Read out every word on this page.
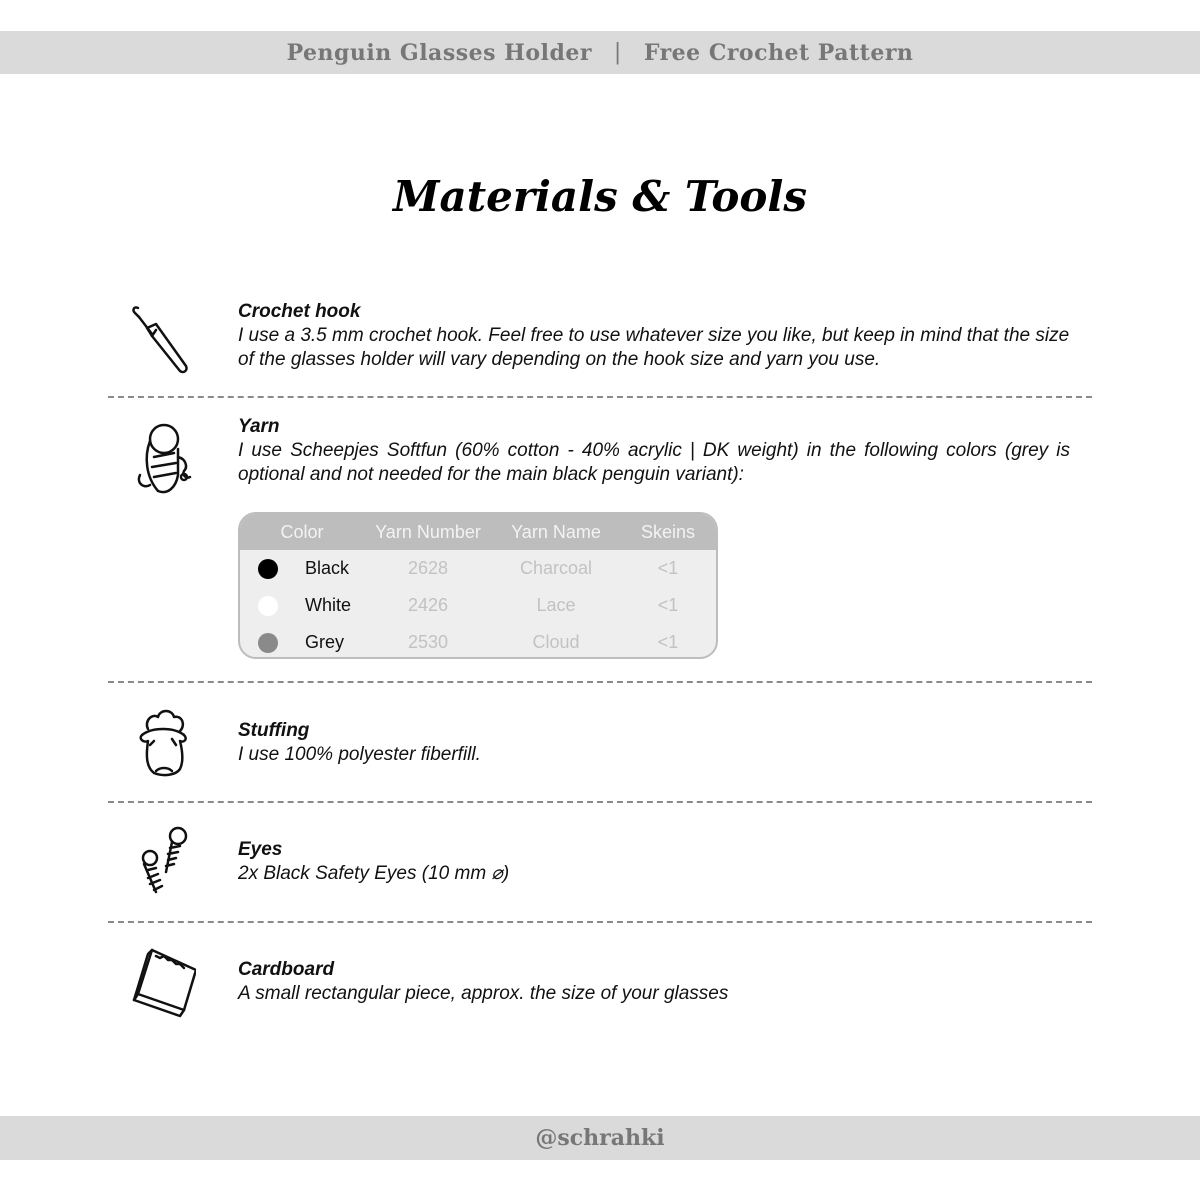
Penguin Glasses Holder | Free Crochet Pattern
Materials & Tools
Crochet hook
I use a 3.5 mm crochet hook. Feel free to use whatever size you like, but keep in mind that the size of the glasses holder will vary depending on the hook size and yarn you use.
Yarn
I use Scheepjes Softfun (60% cotton - 40% acrylic | DK weight) in the following colors (grey is optional and not needed for the main black penguin variant):
Color	Yarn Number	Yarn Name	Skeins
Black	2628	Charcoal	<1
White	2426	Lace	<1
Grey	2530	Cloud	<1
Stuffing
I use 100% polyester fiberfill.
Eyes
2x Black Safety Eyes (10 mm ⌀)
Cardboard
A small rectangular piece, approx. the size of your glasses
@schrahki
